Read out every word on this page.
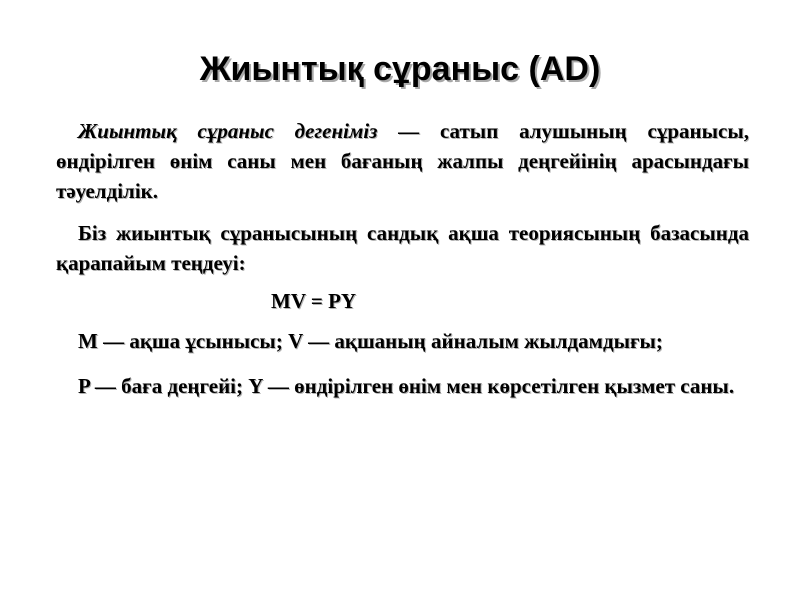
Жиынтық сұраныс (AD)

Жиынтық сұраныс дегеніміз — сатып алушының сұранысы, өндірілген өнім саны мен бағаның жалпы деңгейінің арасындағы тәуелділік.

Біз жиынтық сұранысының сандық ақша теориясының базасында қарапайым теңдеуі:

MV = PY

M — ақша ұсынысы; V — ақшаның айналым жылдамдығы;

P — баға деңгейі; Y — өндірілген өнім мен көрсетілген қызмет саны.
